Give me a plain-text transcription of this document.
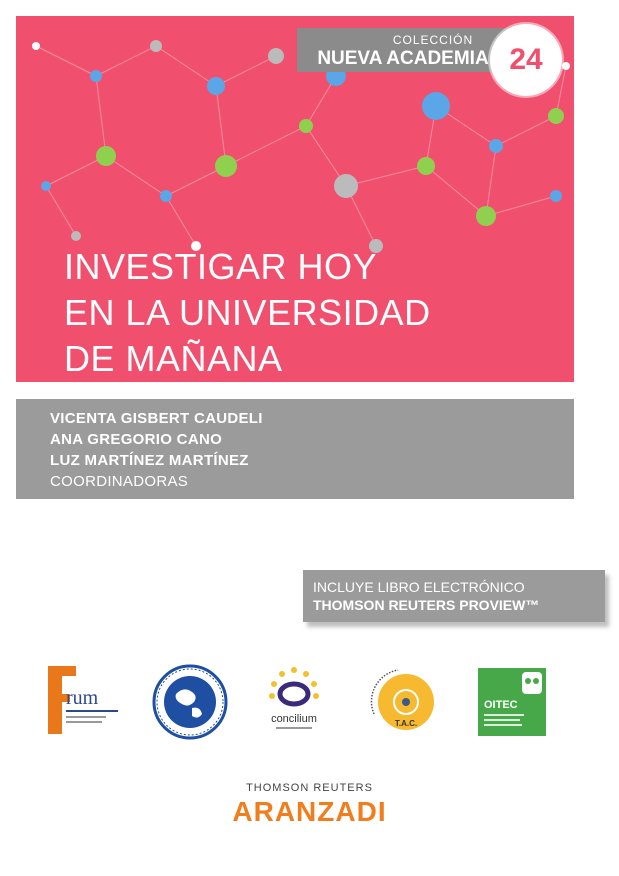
INVESTIGAR HOY
EN LA UNIVERSIDAD
DE MAÑANA
COLECCIÓN
NUEVA ACADEMIA 24
VICENTA GISBERT CAUDELI
ANA GREGORIO CANO
LUZ MARTÍNEZ MARTÍNEZ
COORDINADORAS
INCLUYE LIBRO ELECTRÓNICO
THOMSON REUTERS PROVIEW™
rum
concilium	T.A.C.
OITEC
THOMSON REUTERS
ARANZADI
